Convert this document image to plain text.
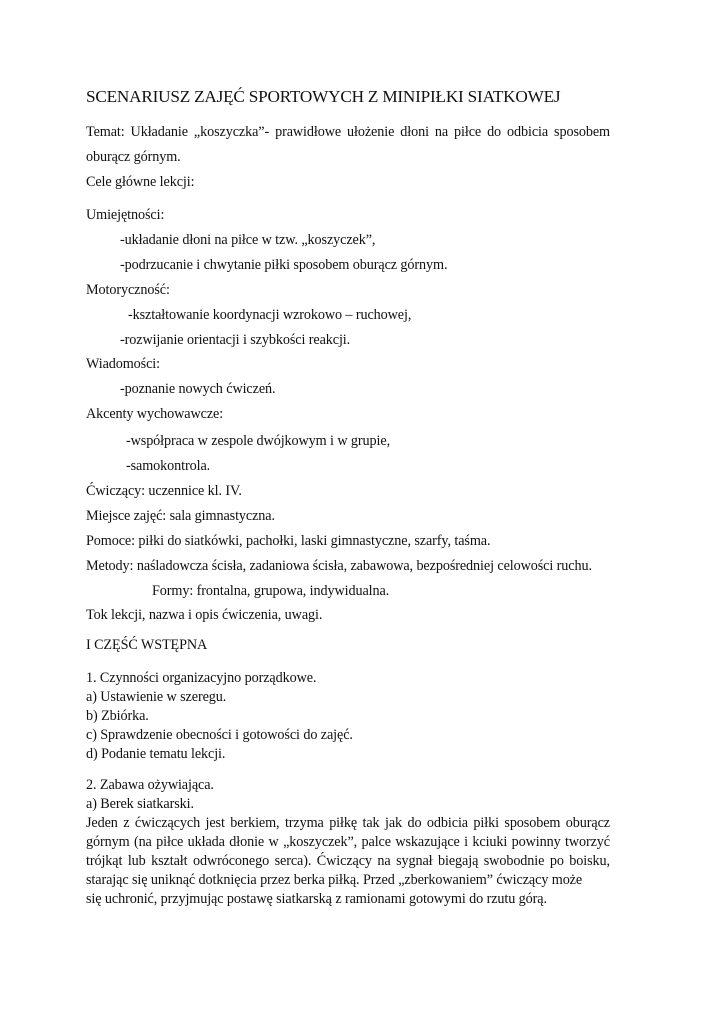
SCENARIUSZ ZAJĘĆ SPORTOWYCH Z MINIPIŁKI SIATKOWEJ
Temat: Układanie „koszyczka”- prawidłowe ułożenie dłoni na piłce do odbicia sposobem
oburącz górnym.
Cele główne lekcji:
Umiejętności:
-układanie dłoni na piłce w tzw. „koszyczek”,
-podrzucanie i chwytanie piłki sposobem oburącz górnym.
Motoryczność:
-kształtowanie koordynacji wzrokowo – ruchowej,
-rozwijanie orientacji i szybkości reakcji.
Wiadomości:
-poznanie nowych ćwiczeń.
Akcenty wychowawcze:
-współpraca w zespole dwójkowym i w grupie,
-samokontrola.
Ćwiczący: uczennice kl. IV.
Miejsce zajęć: sala gimnastyczna.
Pomoce: piłki do siatkówki, pachołki, laski gimnastyczne, szarfy, taśma.
Metody: naśladowcza ścisła, zadaniowa ścisła, zabawowa, bezpośredniej celowości ruchu.
Formy: frontalna, grupowa, indywidualna.
Tok lekcji, nazwa i opis ćwiczenia, uwagi.
I CZĘŚĆ WSTĘPNA
1. Czynności organizacyjno porządkowe.
a) Ustawienie w szeregu.
b) Zbiórka.
c) Sprawdzenie obecności i gotowości do zajęć.
d) Podanie tematu lekcji.
2. Zabawa ożywiająca.
a) Berek siatkarski.
Jeden z ćwiczących jest berkiem, trzyma piłkę tak jak do odbicia piłki sposobem oburącz
górnym (na piłce układa dłonie w „koszyczek”, palce wskazujące i kciuki powinny tworzyć
trójkąt lub kształt odwróconego serca). Ćwiczący na sygnał biegają swobodnie po boisku,
starając się uniknąć dotknięcia przez berka piłką. Przed „zberkowaniem” ćwiczący może
się uchronić, przyjmując postawę siatkarską z ramionami gotowymi do rzutu górą.
